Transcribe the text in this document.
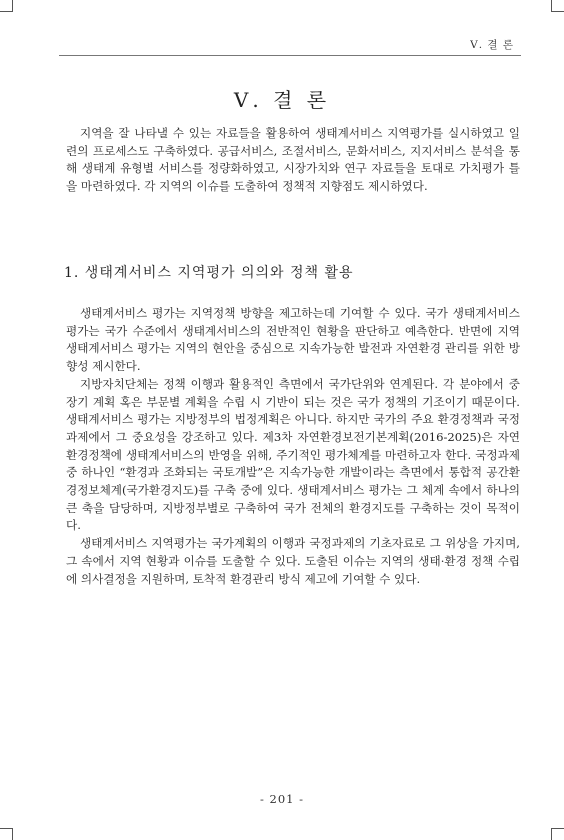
Ⅴ. 결 론
Ⅴ. 결 론

지역을 잘 나타낼 수 있는 자료들을 활용하여 생태계서비스 지역평가를 실시하였고 일련의 프로세스도 구축하였다. 공급서비스, 조절서비스, 문화서비스, 지지서비스 분석을 통해 생태계 유형별 서비스를 정량화하였고, 시장가치와 연구 자료들을 토대로 가치평가 틀을 마련하였다. 각 지역의 이슈를 도출하여 정책적 지향점도 제시하였다.

1. 생태계서비스 지역평가 의의와 정책 활용

생태계서비스 평가는 지역정책 방향을 제고하는데 기여할 수 있다. 국가 생태계서비스 평가는 국가 수준에서 생태계서비스의 전반적인 현황을 판단하고 예측한다. 반면에 지역 생태계서비스 평가는 지역의 현안을 중심으로 지속가능한 발전과 자연환경 관리를 위한 방향성 제시한다.

지방자치단체는 정책 이행과 활용적인 측면에서 국가단위와 연계된다. 각 분야에서 중장기 계획 혹은 부문별 계획을 수립 시 기반이 되는 것은 국가 정책의 기조이기 때문이다. 생태계서비스 평가는 지방정부의 법정계획은 아니다. 하지만 국가의 주요 환경정책과 국정과제에서 그 중요성을 강조하고 있다. 제3차 자연환경보전기본계획(2016-2025)은 자연환경정책에 생태계서비스의 반영을 위해, 주기적인 평가체계를 마련하고자 한다. 국정과제 중 하나인 “환경과 조화되는 국토개발”은 지속가능한 개발이라는 측면에서 통합적 공간환경정보체계(국가환경지도)를 구축 중에 있다. 생태계서비스 평가는 그 체계 속에서 하나의 큰 축을 담당하며, 지방정부별로 구축하여 국가 전체의 환경지도를 구축하는 것이 목적이다.

생태계서비스 지역평가는 국가계획의 이행과 국정과제의 기초자료로 그 위상을 가지며, 그 속에서 지역 현황과 이슈를 도출할 수 있다. 도출된 이슈는 지역의 생태·환경 정책 수립에 의사결정을 지원하며, 토착적 환경관리 방식 제고에 기여할 수 있다.

- 201 -
